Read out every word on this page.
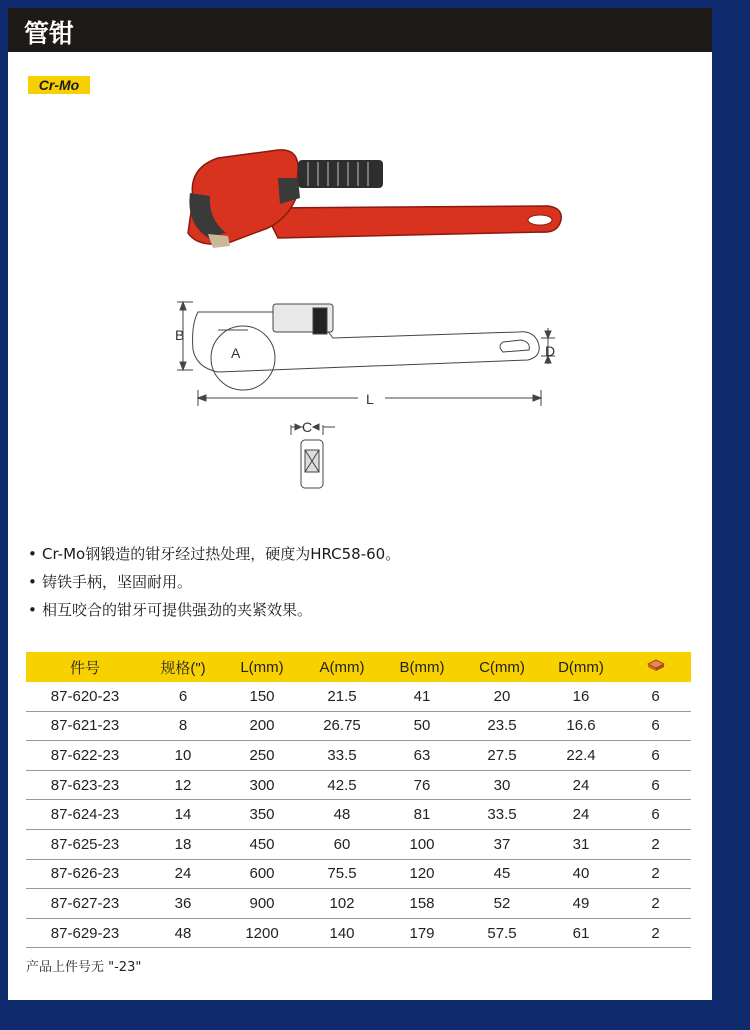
管钳
Cr-Mo
B
A	D
L
C
• Cr-Mo钢锻造的钳牙经过热处理，硬度为HRC58-60。
• 铸铁手柄，坚固耐用。
• 相互咬合的钳牙可提供强劲的夹紧效果。
件号	规格(")	L(mm)	A(mm)	B(mm)	C(mm)	D(mm)	
87-620-23	6	150	21.5	41	20	16	6
87-621-23	8	200	26.75	50	23.5	16.6	6
87-622-23	10	250	33.5	63	27.5	22.4	6
87-623-23	12	300	42.5	76	30	24	6
87-624-23	14	350	48	81	33.5	24	6
87-625-23	18	450	60	100	37	31	2
87-626-23	24	600	75.5	120	45	40	2
87-627-23	36	900	102	158	52	49	2
87-629-23	48	1200	140	179	57.5	61	2
产品上件号无 "-23"
